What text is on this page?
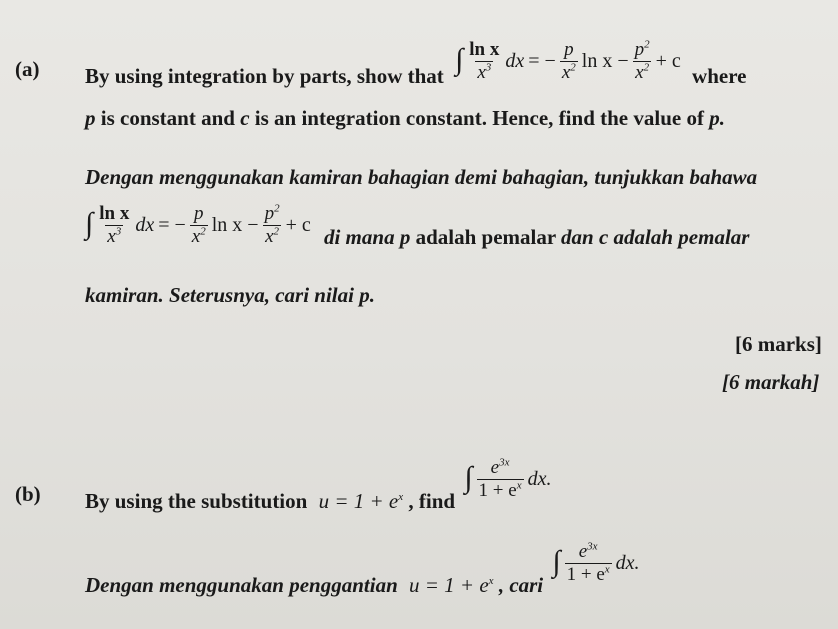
(a) By using integration by parts, show that ∫ $\frac{\text{ln x}}{x^3}$ dx = − $\frac{p}{x^2}$ $\ln x - \frac{p^2}{x^2} + c$
where
p is constant and c is an integration constant. Hence, find the value of p.
Dengan menggunakan kamiran bahagian demi bahagian, tunjukkan bahawa
∫ $\frac{\text{ln x}}{x^3}$ dx = − $\frac{p}{x^2}$ $\ln x - \frac{p^2}{x^2} + c$ di mana p adalah pemalar dan c adalah pemalar
kamiran. Seterusnya, cari nilai p.
[6 marks]
[6 markah]
(b) By using the substitution $u = 1 + e^x$ , find
∫ $\frac{e^{3x}}{1 + e^x}$ dx.
Dengan menggunakan penggantian $u = 1 + e^x$ , cari
∫ $\frac{e^{3x}}{1 + e^x}$ dx.
